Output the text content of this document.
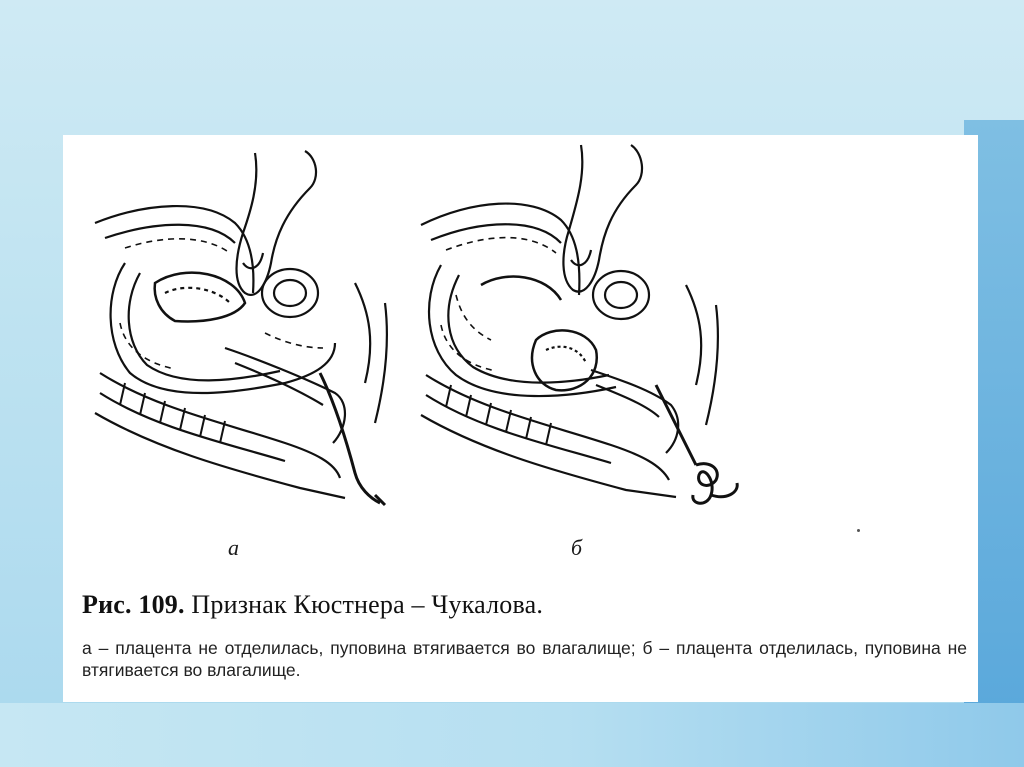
а	б
Рис. 109. Признак Кюстнера – Чукалова.
а – плацента не отделилась, пуповина втягивается во влагалище; б – плацента отделилась, пуповина не втягивается во влагалище.
